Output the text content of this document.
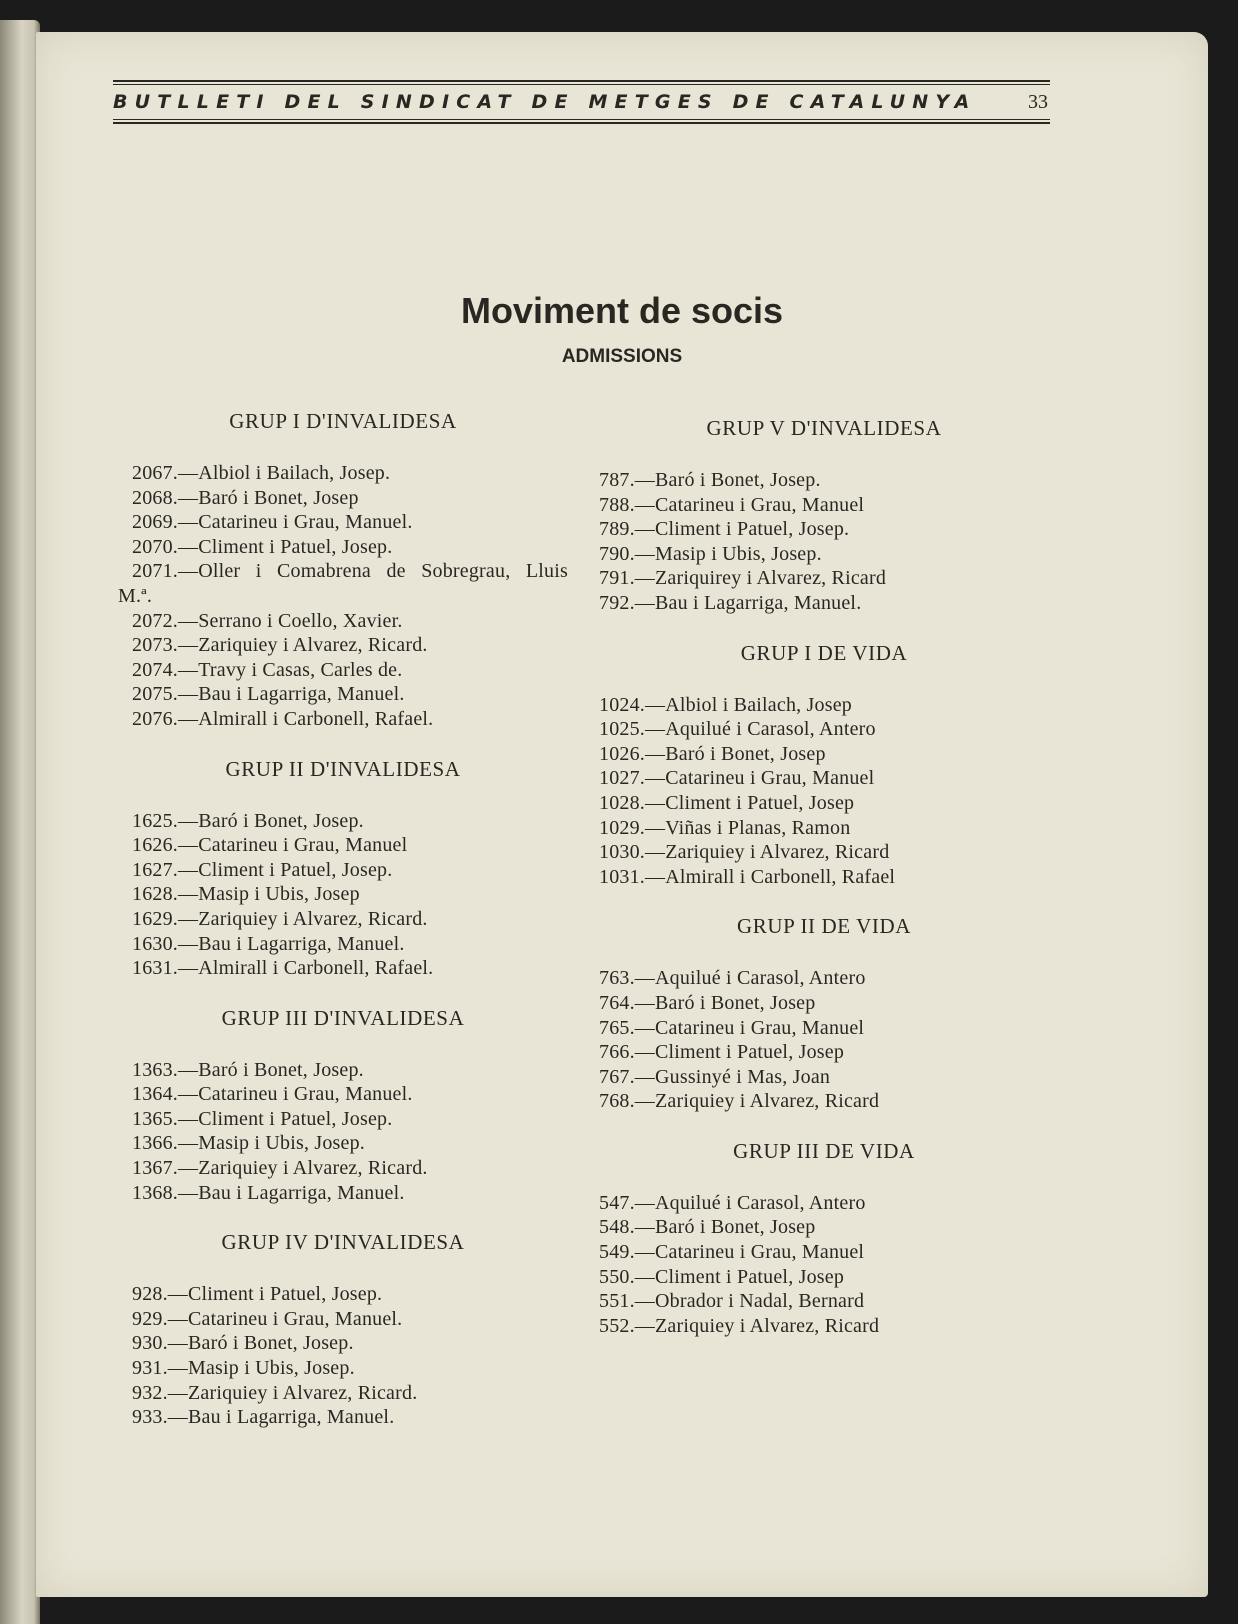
BUTLLETI DEL SINDICAT DE METGES DE CATALUNYA	33
Moviment de socis
ADMISSIONS
GRUP I D'INVALIDESA
2067.—Albiol i Bailach, Josep.
2068.—Baró i Bonet, Josep
2069.—Catarineu i Grau, Manuel.
2070.—Climent i Patuel, Josep.
2071.—Oller i Comabrena de Sobregrau, Lluis M.ª.
2072.—Serrano i Coello, Xavier.
2073.—Zariquiey i Alvarez, Ricard.
2074.—Travy i Casas, Carles de.
2075.—Bau i Lagarriga, Manuel.
2076.—Almirall i Carbonell, Rafael.
GRUP II D'INVALIDESA
1625.—Baró i Bonet, Josep.
1626.—Catarineu i Grau, Manuel
1627.—Climent i Patuel, Josep.
1628.—Masip i Ubis, Josep
1629.—Zariquiey i Alvarez, Ricard.
1630.—Bau i Lagarriga, Manuel.
1631.—Almirall i Carbonell, Rafael.
GRUP III D'INVALIDESA
1363.—Baró i Bonet, Josep.
1364.—Catarineu i Grau, Manuel.
1365.—Climent i Patuel, Josep.
1366.—Masip i Ubis, Josep.
1367.—Zariquiey i Alvarez, Ricard.
1368.—Bau i Lagarriga, Manuel.
GRUP IV D'INVALIDESA
928.—Climent i Patuel, Josep.
929.—Catarineu i Grau, Manuel.
930.—Baró i Bonet, Josep.
931.—Masip i Ubis, Josep.
932.—Zariquiey i Alvarez, Ricard.
933.—Bau i Lagarriga, Manuel.
GRUP V D'INVALIDESA
787.—Baró i Bonet, Josep.
788.—Catarineu i Grau, Manuel
789.—Climent i Patuel, Josep.
790.—Masip i Ubis, Josep.
791.—Zariquirey i Alvarez, Ricard
792.—Bau i Lagarriga, Manuel.
GRUP I DE VIDA
1024.—Albiol i Bailach, Josep
1025.—Aquilué i Carasol, Antero
1026.—Baró i Bonet, Josep
1027.—Catarineu i Grau, Manuel
1028.—Climent i Patuel, Josep
1029.—Viñas i Planas, Ramon
1030.—Zariquiey i Alvarez, Ricard
1031.—Almirall i Carbonell, Rafael
GRUP II DE VIDA
763.—Aquilué i Carasol, Antero
764.—Baró i Bonet, Josep
765.—Catarineu i Grau, Manuel
766.—Climent i Patuel, Josep
767.—Gussinyé i Mas, Joan
768.—Zariquiey i Alvarez, Ricard
GRUP III DE VIDA
547.—Aquilué i Carasol, Antero
548.—Baró i Bonet, Josep
549.—Catarineu i Grau, Manuel
550.—Climent i Patuel, Josep
551.—Obrador i Nadal, Bernard
552.—Zariquiey i Alvarez, Ricard
